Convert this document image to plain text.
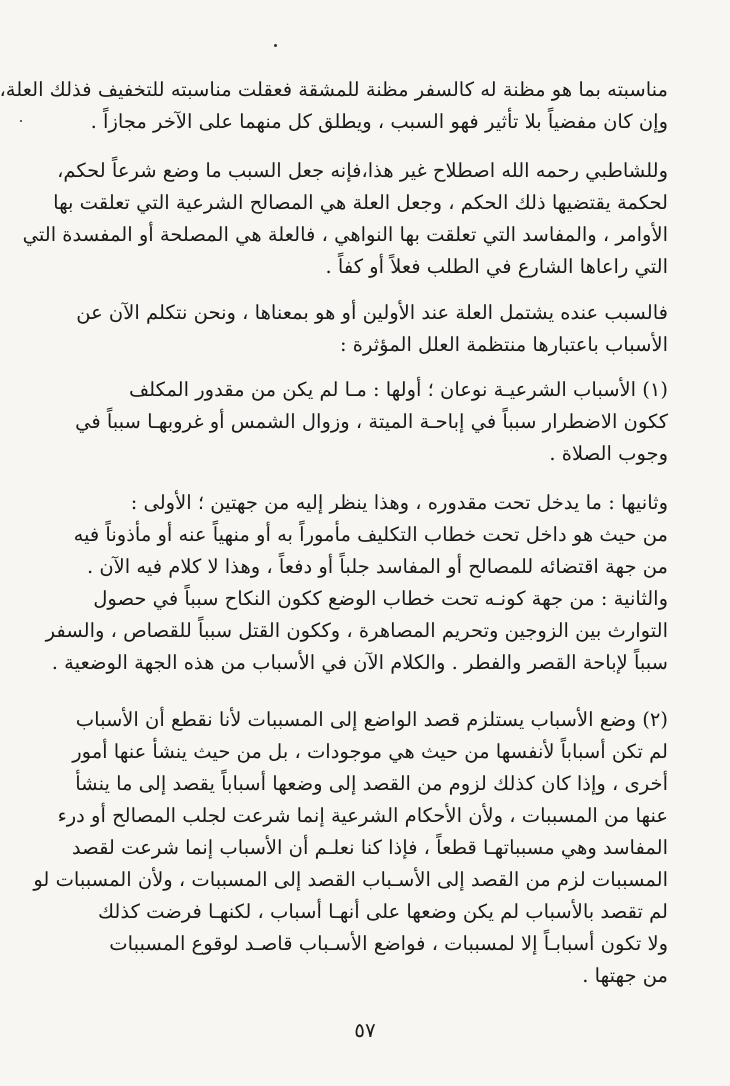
مناسبته بما هو مظنة له كالسفر مظنة للمشقة فعقلت مناسبته للتخفيف فذلك العلة،
وإن كان مفضياً بلا تأثير فهو السبب ، ويطلق كل منهما على الآخر مجازاً .

وللشاطبي رحمه الله اصطلاح غير هذا،فإنه جعل السبب ما وضع شرعاً لحكم،
لحكمة يقتضيها ذلك الحكم ، وجعل العلة هي المصالح الشرعية التي تعلقت بها
الأوامر ، والمفاسد التي تعلقت بها النواهي ، فالعلة هي المصلحة أو المفسدة التي
التي راعاها الشارع في الطلب فعلاً أو كفاً .

فالسبب عنده يشتمل العلة عند الأولين أو هو بمعناها ، ونحن نتكلم الآن عن
الأسباب باعتبارها منتظمة العلل المؤثرة :

(١) الأسباب الشرعيـة نوعان ؛ أولها : مـا لم يكن من مقدور المكلف
ككون الاضطرار سبباً في إباحـة الميتة ، وزوال الشمس أو غروبهـا سبباً في
وجوب الصلاة .

وثانيها : ما يدخل تحت مقدوره ، وهذا ينظر إليه من جهتين ؛ الأولى :
من حيث هو داخل تحت خطاب التكليف مأموراً به أو منهياً عنه أو مأذوناً فيه
من جهة اقتضائه للمصالح أو المفاسد جلباً أو دفعاً ، وهذا لا كلام فيه الآن .
والثانية : من جهة كونـه تحت خطاب الوضع ككون النكاح سبباً في حصول
التوارث بين الزوجين وتحريم المصاهرة ، وككون القتل سبباً للقصاص ، والسفر
سبباً لإباحة القصر والفطر . والكلام الآن في الأسباب من هذه الجهة الوضعية .

(٢) وضع الأسباب يستلزم قصد الواضع إلى المسببات لأنا نقطع أن الأسباب
لم تكن أسباباً لأنفسها من حيث هي موجودات ، بل من حيث ينشأ عنها أمور
أخرى ، وإذا كان كذلك لزوم من القصد إلى وضعها أسباباً يقصد إلى ما ينشأ
عنها من المسببات ، ولأن الأحكام الشرعية إنما شرعت لجلب المصالح أو درء
المفاسد وهي مسبباتهـا قطعاً ، فإذا كنا نعلـم أن الأسباب إنما شرعت لقصد
المسببات لزم من القصد إلى الأسـباب القصد إلى المسببات ، ولأن المسببات لو
لم تقصد بالأسباب لم يكن وضعها على أنهـا أسباب ، لكنهـا فرضت كذلك
ولا تكون أسبابـاً إلا لمسببات ، فواضع الأسـباب قاصـد لوقوع المسببات
من جهتها .

٥٧
